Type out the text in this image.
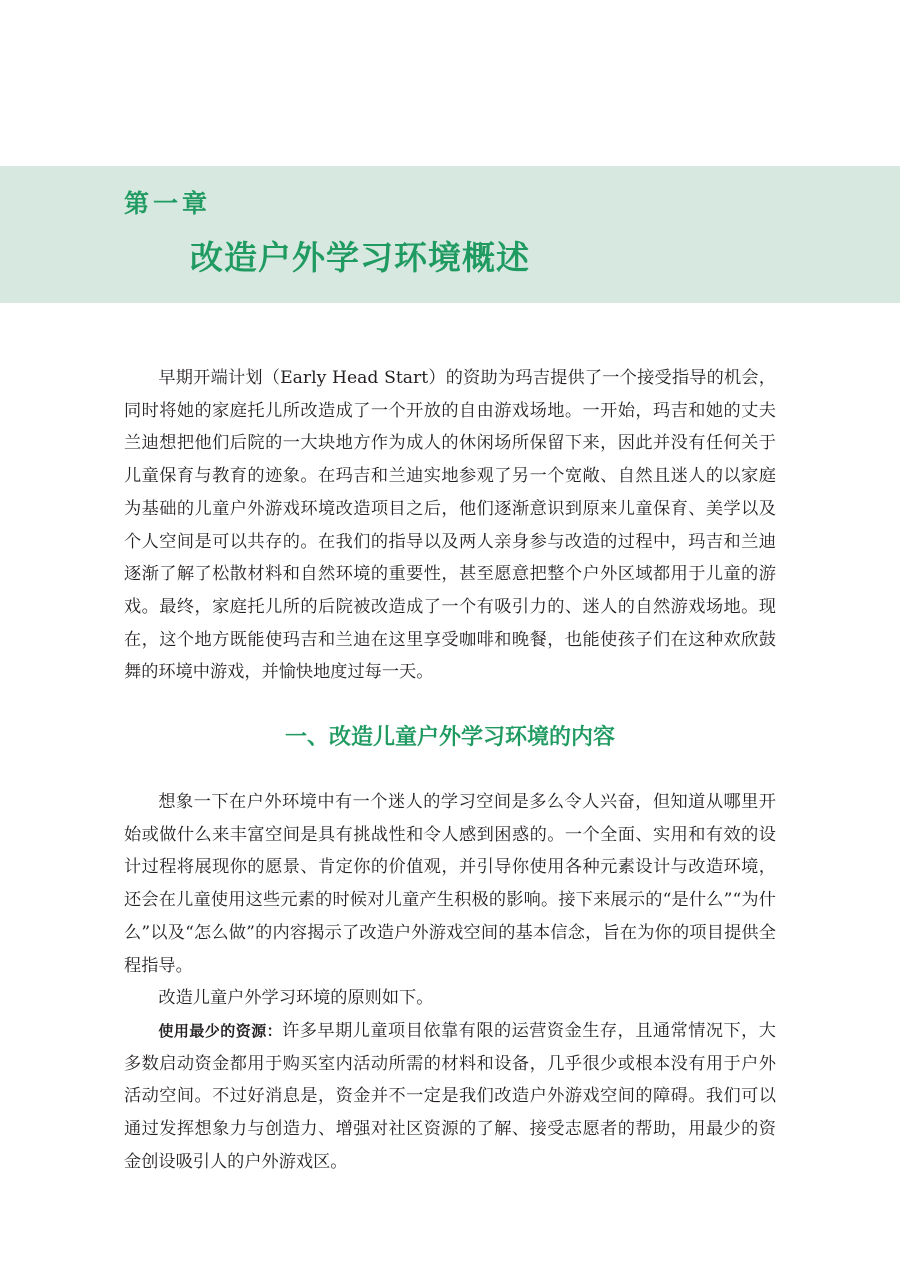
第一章
改造户外学习环境概述

早期开端计划（Early Head Start）的资助为玛吉提供了一个接受指导的机会，同时将她的家庭托儿所改造成了一个开放的自由游戏场地。一开始，玛吉和她的丈夫兰迪想把他们后院的一大块地方作为成人的休闲场所保留下来，因此并没有任何关于儿童保育与教育的迹象。在玛吉和兰迪实地参观了另一个宽敞、自然且迷人的以家庭为基础的儿童户外游戏环境改造项目之后，他们逐渐意识到原来儿童保育、美学以及个人空间是可以共存的。在我们的指导以及两人亲身参与改造的过程中，玛吉和兰迪逐渐了解了松散材料和自然环境的重要性，甚至愿意把整个户外区域都用于儿童的游戏。最终，家庭托儿所的后院被改造成了一个有吸引力的、迷人的自然游戏场地。现在，这个地方既能使玛吉和兰迪在这里享受咖啡和晚餐，也能使孩子们在这种欢欣鼓舞的环境中游戏，并愉快地度过每一天。

一、改造儿童户外学习环境的内容

想象一下在户外环境中有一个迷人的学习空间是多么令人兴奋，但知道从哪里开始或做什么来丰富空间是具有挑战性和令人感到困惑的。一个全面、实用和有效的设计过程将展现你的愿景、肯定你的价值观，并引导你使用各种元素设计与改造环境，还会在儿童使用这些元素的时候对儿童产生积极的影响。接下来展示的“是什么”“为什么”以及“怎么做”的内容揭示了改造户外游戏空间的基本信念，旨在为你的项目提供全程指导。

改造儿童户外学习环境的原则如下。

使用最少的资源：许多早期儿童项目依靠有限的运营资金生存，且通常情况下，大多数启动资金都用于购买室内活动所需的材料和设备，几乎很少或根本没有用于户外活动空间。不过好消息是，资金并不一定是我们改造户外游戏空间的障碍。我们可以通过发挥想象力与创造力、增强对社区资源的了解、接受志愿者的帮助，用最少的资金创设吸引人的户外游戏区。
